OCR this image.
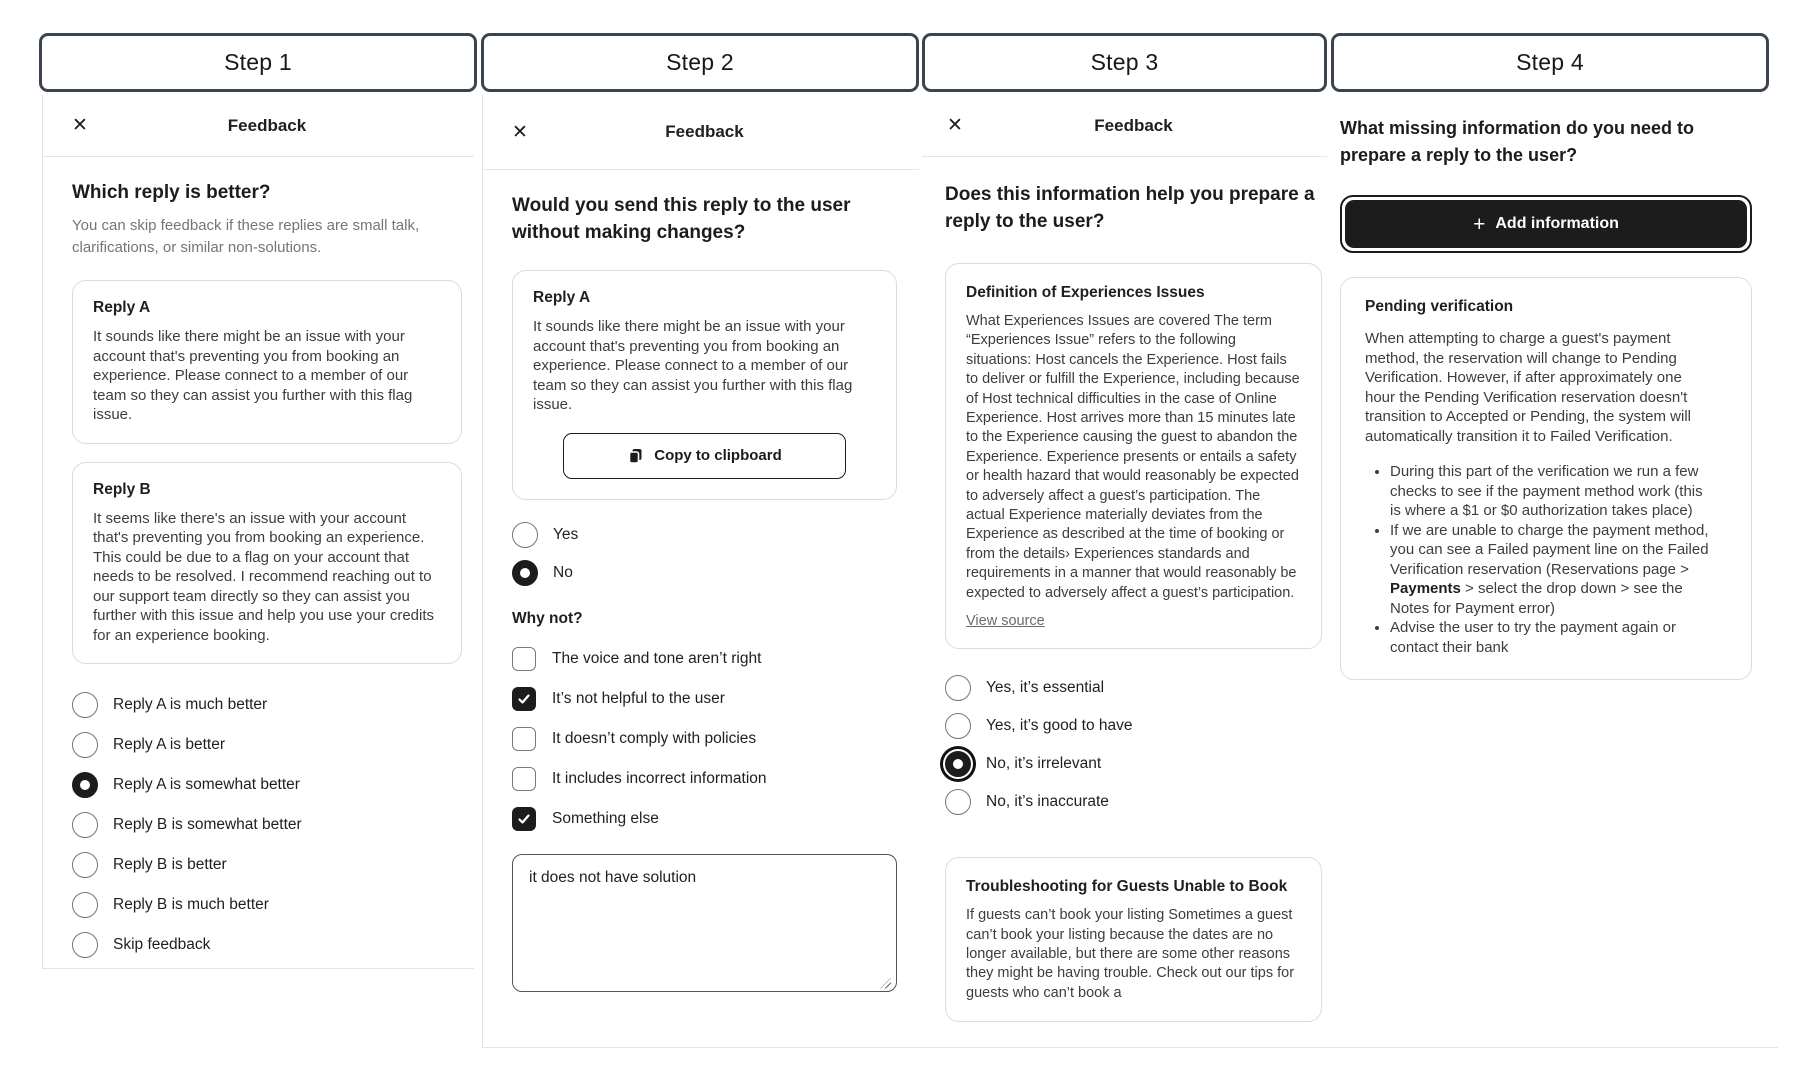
Step 1	Step 2	Step 3	Step 4
✕	Feedback
Which reply is better?
You can skip feedback if these replies are small talk, clarifications, or similar non-solutions.
Reply A
It sounds like there might be an issue with your account that's preventing you from booking an experience. Please connect to a member of our team so they can assist you further with this flag issue.
Reply B
It seems like there's an issue with your account that's preventing you from booking an experience. This could be due to a flag on your account that needs to be resolved. I recommend reaching out to our support team directly so they can assist you further with this issue and help you use your credits for an experience booking.
Reply A is much better
Reply A is better
Reply A is somewhat better
Reply B is somewhat better
Reply B is better
Reply B is much better
Skip feedback
✕	Feedback
Would you send this reply to the user without making changes?
Reply A
It sounds like there might be an issue with your account that's preventing you from booking an experience. Please connect to a member of our team so they can assist you further with this flag issue.
Copy to clipboard
Yes
No
Why not?
The voice and tone aren’t right
It’s not helpful to the user
It doesn’t comply with policies
It includes incorrect information
Something else
it does not have solution
✕	Feedback
Does this information help you prepare a reply to the user?
Definition of Experiences Issues
What Experiences Issues are covered The term “Experiences Issue” refers to the following situations: Host cancels the Experience. Host fails to deliver or fulfill the Experience, including because of Host technical difficulties in the case of Online Experience. Host arrives more than 15 minutes late to the Experience causing the guest to abandon the Experience. Experience presents or entails a safety or health hazard that would reasonably be expected to adversely affect a guest’s participation. The actual Experience materially deviates from the Experience as described at the time of booking or from the details› Experiences standards and requirements in a manner that would reasonably be expected to adversely affect a guest’s participation.
View source
Yes, it’s essential
Yes, it’s good to have
No, it’s irrelevant
No, it’s inaccurate
Troubleshooting for Guests Unable to Book
If guests can’t book your listing Sometimes a guest can’t book your listing because the dates are no longer available, but there are some other reasons they might be having trouble. Check out our tips for guests who can’t book a
What missing information do you need to prepare a reply to the user?
+ Add information
Pending verification
When attempting to charge a guest's payment method, the reservation will change to Pending Verification. However, if after approximately one hour the Pending Verification reservation doesn't transition to Accepted or Pending, the system will automatically transition it to Failed Verification.
• During this part of the verification we run a few checks to see if the payment method work (this is where a $1 or $0 authorization takes place)
• If we are unable to charge the payment method, you can see a Failed payment line on the Failed Verification reservation (Reservations page > Payments > select the drop down > see the Notes for Payment error)
• Advise the user to try the payment again or contact their bank
